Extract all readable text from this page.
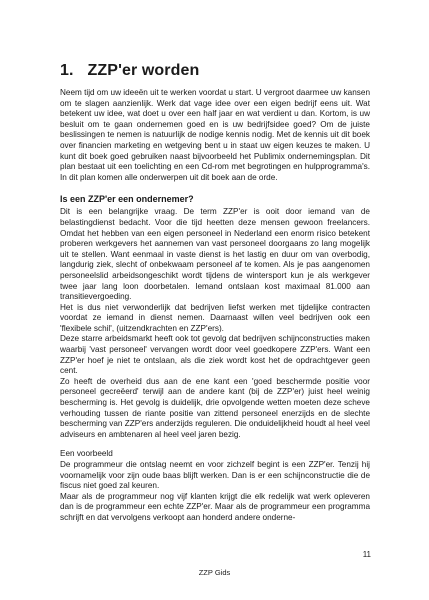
1. ZZP'er worden

Neem tijd om uw ideeën uit te werken voordat u start. U vergroot daarmee uw kansen om te slagen aanzienlijk. Werk dat vage idee over een eigen bedrijf eens uit. Wat betekent uw idee, wat doet u over een half jaar en wat verdient u dan. Kortom, is uw besluit om te gaan ondernemen goed en is uw bedrijfsidee goed? Om de juiste beslissingen te nemen is natuurlijk de nodige kennis nodig. Met de kennis uit dit boek over financien marketing en wetgeving bent u in staat uw eigen keuzes te maken. U kunt dit boek goed gebruiken naast bijvoorbeeld het Publimix ondernemingsplan. Dit plan bestaat uit een toelichting en een Cd-rom met begrotingen en hulpprogramma's. In dit plan komen alle onderwerpen uit dit boek aan de orde.

Is een ZZP'er een ondernemer?

Dit is een belangrijke vraag. De term ZZP'er is ooit door iemand van de belastingdienst bedacht. Voor die tijd heetten deze mensen gewoon freelancers. Omdat het hebben van een eigen personeel in Nederland een enorm risico betekent proberen werkgevers het aannemen van vast personeel doorgaans zo lang mogelijk uit te stellen. Want eenmaal in vaste dienst is het lastig en duur om van overbodig, langdurig ziek, slecht of onbekwaam personeel af te komen. Als je pas aangenomen personeelslid arbeidsongeschikt wordt tijdens de wintersport kun je als werkgever twee jaar lang loon doorbetalen. Iemand ontslaan kost maximaal 81.000 aan transitievergoeding.

Het is dus niet verwonderlijk dat bedrijven liefst werken met tijdelijke contracten voordat ze iemand in dienst nemen. Daarnaast willen veel bedrijven ook een 'flexibele schil', (uitzendkrachten en ZZP'ers).

Deze starre arbeidsmarkt heeft ook tot gevolg dat bedrijven schijnconstructies maken waarbij 'vast personeel' vervangen wordt door veel goedkopere ZZP'ers. Want een ZZP'er hoef je niet te ontslaan, als die ziek wordt kost het de opdrachtgever geen cent.

Zo heeft de overheid dus aan de ene kant een 'goed beschermde positie voor personeel gecreëerd' terwijl aan de andere kant (bij de ZZP'er) juist heel weinig bescherming is. Het gevolg is duidelijk, drie opvolgende wetten moeten deze scheve verhouding tussen de riante positie van zittend personeel enerzijds en de slechte bescherming van ZZP'ers anderzijds reguleren. Die onduidelijkheid houdt al heel veel adviseurs en ambtenaren al heel veel jaren bezig.

Een voorbeeld

De programmeur die ontslag neemt en voor zichzelf begint is een ZZP'er. Tenzij hij voornamelijk voor zijn oude baas blijft werken. Dan is er een schijnconstructie die de fiscus niet goed zal keuren.

Maar als de programmeur nog vijf klanten krijgt die elk redelijk wat werk opleveren dan is de programmeur een echte ZZP'er. Maar als de programmeur een programma schrijft en dat vervolgens verkoopt aan honderd andere onderne-

11
ZZP Gids
